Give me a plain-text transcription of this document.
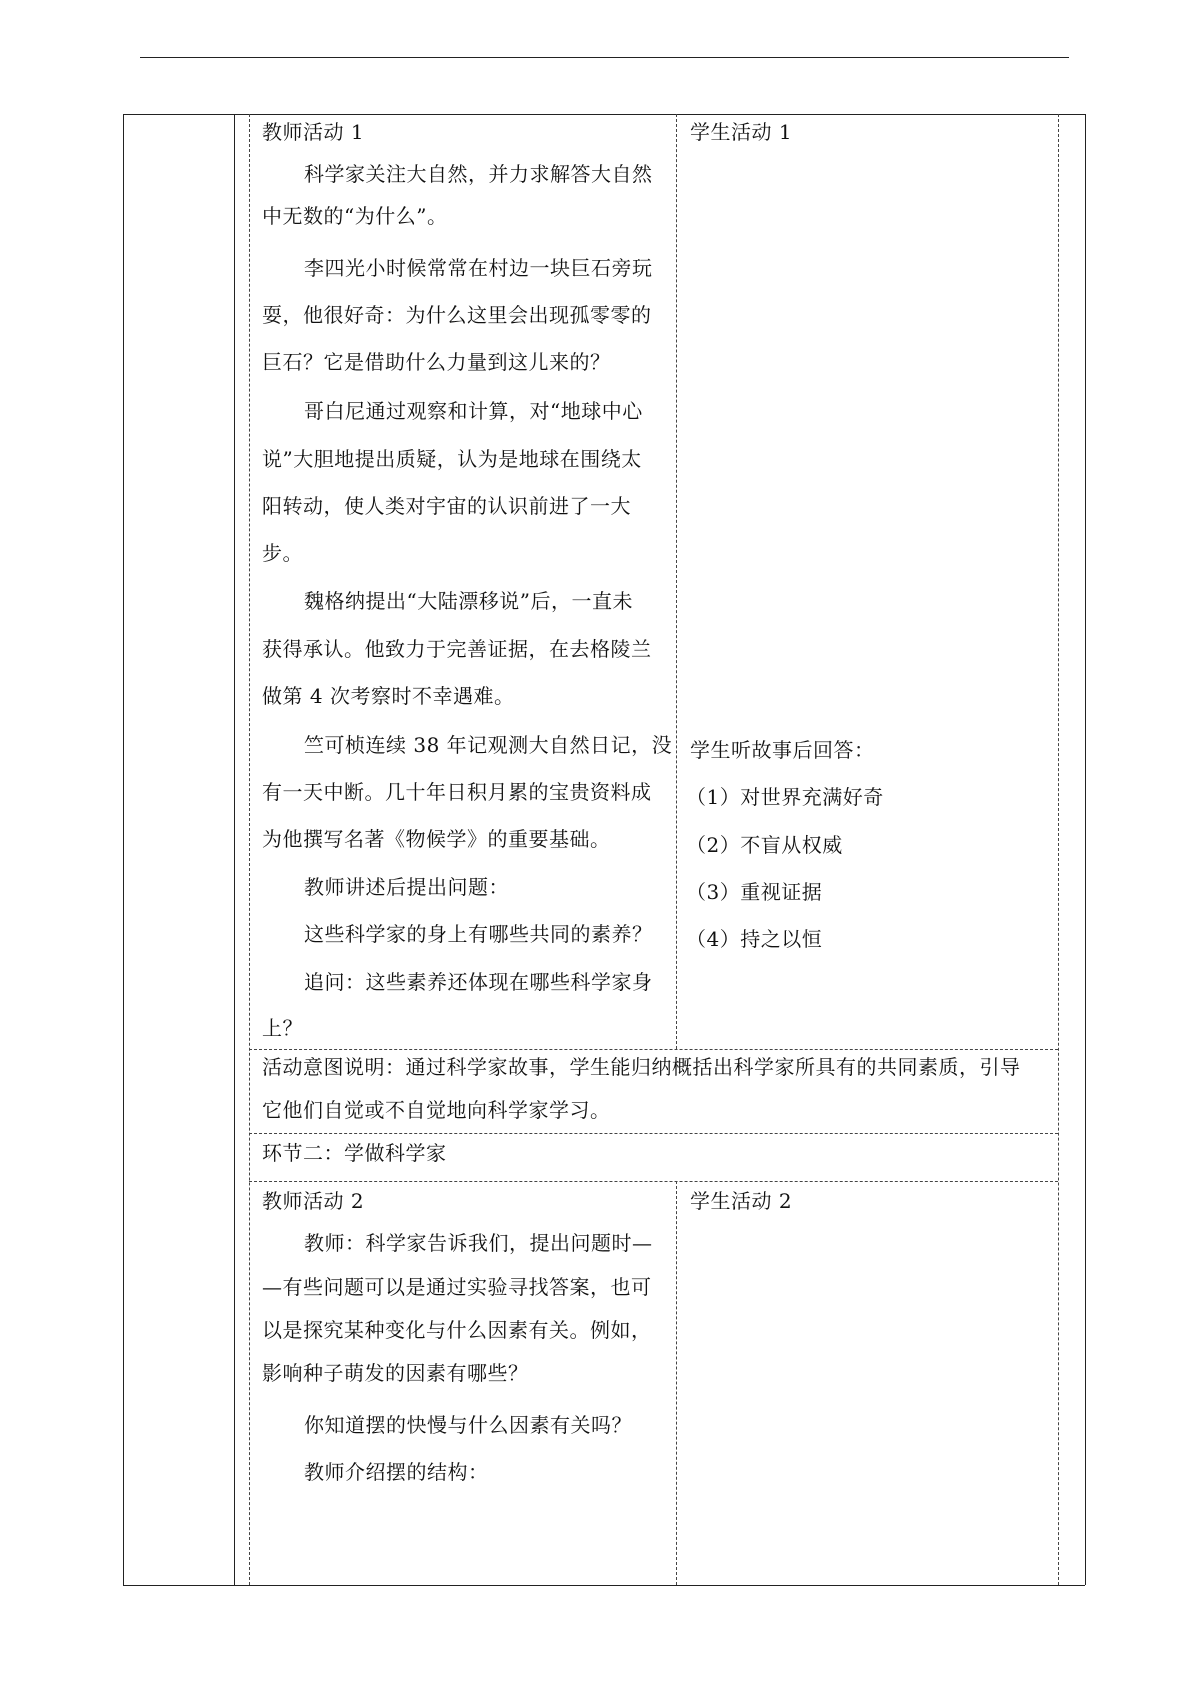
教师活动 1	学生活动 1
科学家关注大自然，并力求解答大自然
中无数的“为什么”。
李四光小时候常常在村边一块巨石旁玩
耍，他很好奇：为什么这里会出现孤零零的
巨石？它是借助什么力量到这儿来的？
哥白尼通过观察和计算，对“地球中心
说”大胆地提出质疑，认为是地球在围绕太
阳转动，使人类对宇宙的认识前进了一大
步。
魏格纳提出“大陆漂移说”后，一直未
获得承认。他致力于完善证据，在去格陵兰
做第 4 次考察时不幸遇难。
竺可桢连续 38 年记观测大自然日记，没
有一天中断。几十年日积月累的宝贵资料成
为他撰写名著《物候学》的重要基础。
教师讲述后提出问题：
这些科学家的身上有哪些共同的素养？
追问：这些素养还体现在哪些科学家身
上？
学生听故事后回答：
（1）对世界充满好奇
（2）不盲从权威
（3）重视证据
（4）持之以恒
活动意图说明：通过科学家故事，学生能归纳概括出科学家所具有的共同素质，引导
它他们自觉或不自觉地向科学家学习。
环节二：学做科学家
教师活动 2	学生活动 2
教师：科学家告诉我们，提出问题时—
—有些问题可以是通过实验寻找答案，也可
以是探究某种变化与什么因素有关。例如，
影响种子萌发的因素有哪些？
你知道摆的快慢与什么因素有关吗？
教师介绍摆的结构：
